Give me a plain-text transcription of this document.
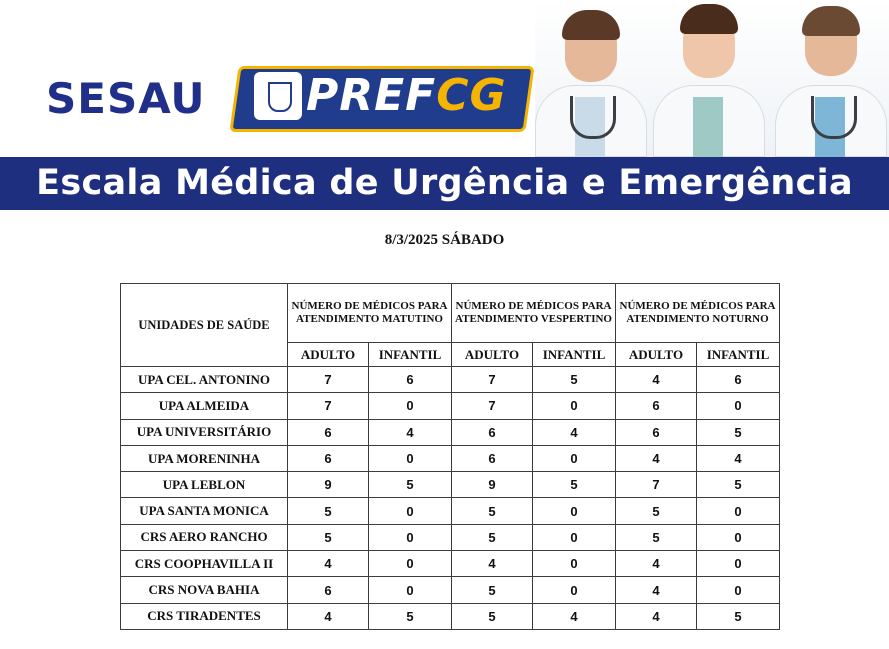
SESAU PREFCG
Escala Médica de Urgência e Emergência
8/3/2025 SÁBADO
UNIDADES DE SAÚDE	NÚMERO DE MÉDICOS PARA ATENDIMENTO MATUTINO		NÚMERO DE MÉDICOS PARA ATENDIMENTO VESPERTINO		NÚMERO DE MÉDICOS PARA ATENDIMENTO NOTURNO	
	ADULTO	INFANTIL	ADULTO	INFANTIL	ADULTO	INFANTIL
UPA CEL. ANTONINO	7	6	7	5	4	6
UPA ALMEIDA	7	0	7	0	6	0
UPA UNIVERSITÁRIO	6	4	6	4	6	5
UPA MORENINHA	6	0	6	0	4	4
UPA LEBLON	9	5	9	5	7	5
UPA SANTA MONICA	5	0	5	0	5	0
CRS AERO RANCHO	5	0	5	0	5	0
CRS COOPHAVILLA II	4	0	4	0	4	0
CRS NOVA BAHIA	6	0	5	0	4	0
CRS TIRADENTES	4	5	5	4	4	5
